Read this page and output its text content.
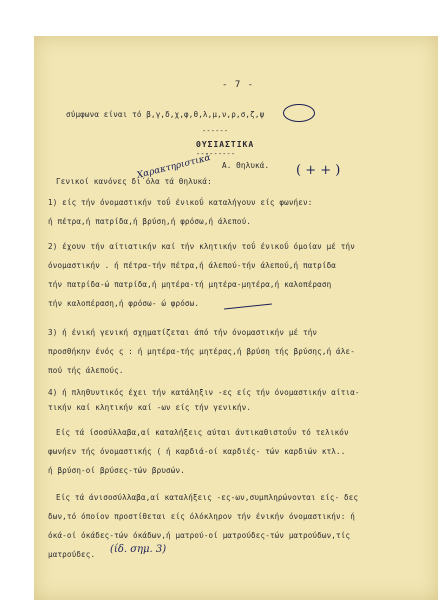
- 7 -
σύμφωνα είναι τό β,γ,δ,χ,φ,θ,λ,μ,ν,ρ,σ,ζ,ψ
------
ΘΥΣΙΑΣΤΙΚΑ
---------
Α. Θηλυκά.
Χαρακτηριστικά
Γενικοί κανόνες δι΄όλα τά θηλυκά:
( + + )
1) είς τήν όνομαστικήν τοΰ ένικοΰ καταλήγουν είς φωνήεν:
ή πέτρα,ή πατρίδα,ή βρύση,ή φρόσω,ή άλεπού.
2) έχουν τήν αίτιατικήν καί τήν κλητικήν τοΰ ένικοΰ όμοίαν μέ τήν
όνομαστικήν . ή πέτρα-τήν πέτρα,ή άλεπού-τήν άλεπού,ή πατρίδα
τήν πατρίδα-ώ πατρίδα,ή μητέρα-τή μητέρα-μητέρα,ή καλοπέραση
τήν καλοπέραση,ή φρόσω- ώ φρόσω.
3) ή ένική γενική σχηματίζεται άπό τήν όνομαστικήν μέ τήν
προσθήκην ένός ς : ή μητέρα-τής μητέρας,ή βρύση τής βρύσης,ή άλε-
πού τής άλεπούς.
4) ή πληθυντικός έχει τήν κατάληξιν -ες είς τήν όνομαστικήν αίτια-
τικήν καί κλητικήν καί -ων είς τήν γενικήν.
Είς τά ίσοσύλλαβα,αί καταλήξεις αύται άντικαθιστοΰν τό τελικόν
φωνήεν τής όνομαστικής ( ή καρδιά-οί καρδιές- τών καρδιών κτλ..
ή βρύση-οί βρύσες-τών βρυσών.
Είς τά άνισοσύλλαβα,αί καταλήξεις -ες-ων,συμπληρώνονται είς- δες
δων,τό όποίον προστίθεται είς όλόκληρον τήν ένικήν όνομαστικήν: ή
όκά-οί όκάδες-τών όκάδων,ή ματρού-οί ματρούδες-τών ματρούδων,τίς
ματρούδες. (ίδ. σημ. 3)
